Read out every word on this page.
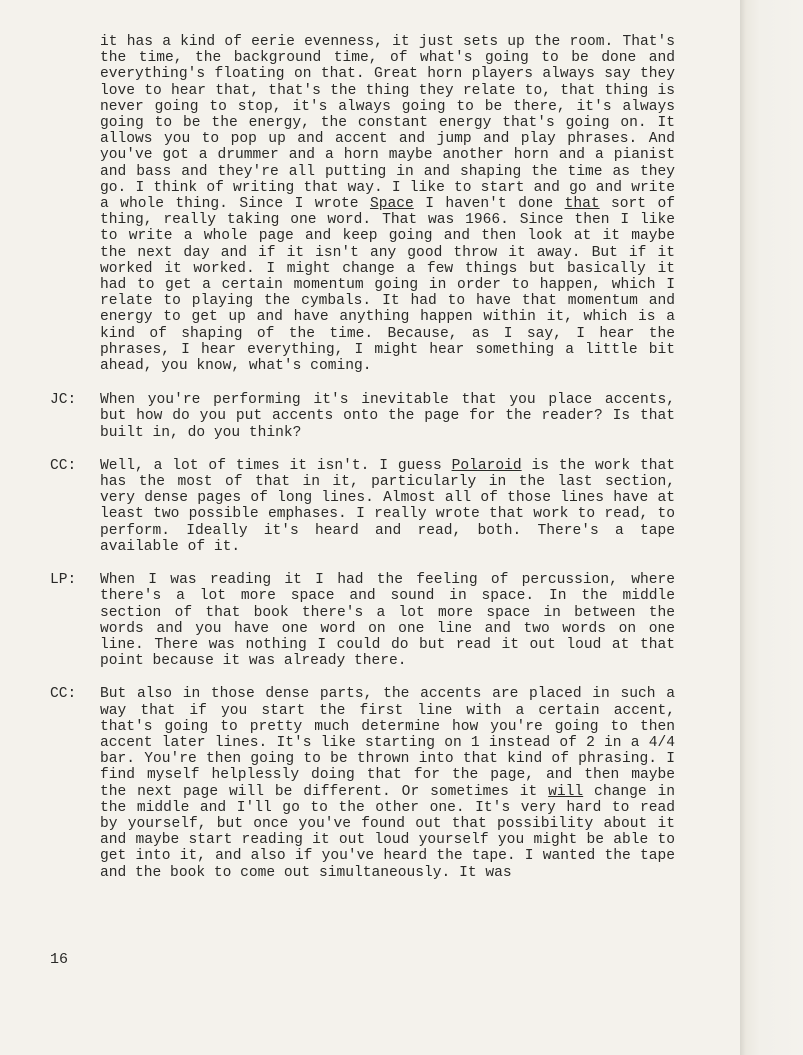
it has a kind of eerie evenness, it just sets up the room. That's the time, the background time, of what's going to be done and everything's floating on that. Great horn players always say they love to hear that, that's the thing they relate to, that thing is never going to stop, it's always going to be there, it's always going to be the energy, the constant energy that's going on. It allows you to pop up and accent and jump and play phrases. And you've got a drummer and a horn maybe another horn and a pianist and bass and they're all putting in and shaping the time as they go. I think of writing that way. I like to start and go and write a whole thing. Since I wrote Space I haven't done that sort of thing, really taking one word. That was 1966. Since then I like to write a whole page and keep going and then look at it maybe the next day and if it isn't any good throw it away. But if it worked it worked. I might change a few things but basically it had to get a certain momentum going in order to happen, which I relate to playing the cymbals. It had to have that momentum and energy to get up and have anything happen within it, which is a kind of shaping of the time. Because, as I say, I hear the phrases, I hear everything, I might hear something a little bit ahead, you know, what's coming.

JC:	When you're performing it's inevitable that you place accents, but how do you put accents onto the page for the reader? Is that built in, do you think?

CC:	Well, a lot of times it isn't. I guess Polaroid is the work that has the most of that in it, particularly in the last section, very dense pages of long lines. Almost all of those lines have at least two possible emphases. I really wrote that work to read, to perform. Ideally it's heard and read, both. There's a tape available of it.

LP:	When I was reading it I had the feeling of percussion, where there's a lot more space and sound in space. In the middle section of that book there's a lot more space in between the words and you have one word on one line and two words on one line. There was nothing I could do but read it out loud at that point because it was already there.

CC:	But also in those dense parts, the accents are placed in such a way that if you start the first line with a certain accent, that's going to pretty much determine how you're going to then accent later lines. It's like starting on 1 instead of 2 in a 4/4 bar. You're then going to be thrown into that kind of phrasing. I find myself helplessly doing that for the page, and then maybe the next page will be different. Or sometimes it will change in the middle and I'll go to the other one. It's very hard to read by yourself, but once you've found out that possibility about it and maybe start reading it out loud yourself you might be able to get into it, and also if you've heard the tape. I wanted the tape and the book to come out simultaneously. It was

16
